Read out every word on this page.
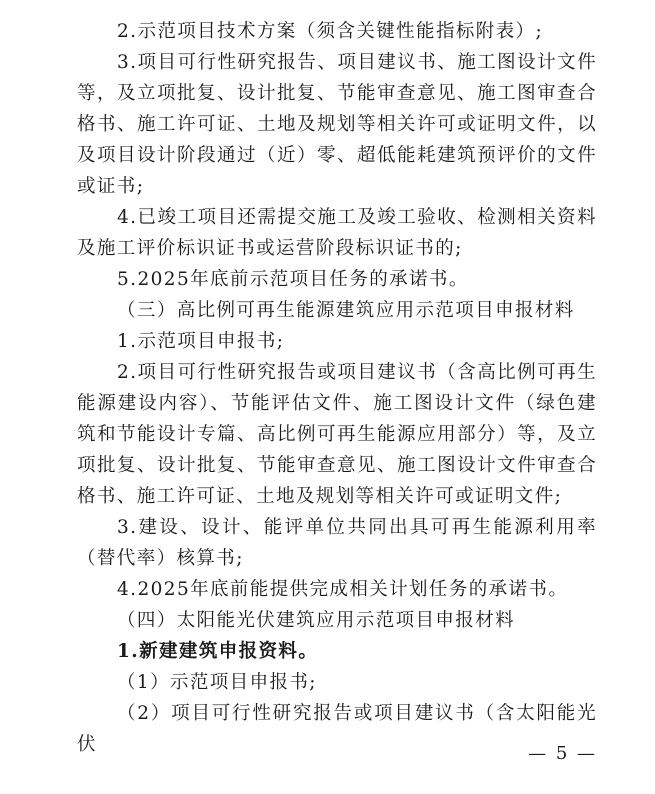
2.示范项目技术方案（须含关键性能指标附表）;

3.项目可行性研究报告、项目建议书、施工图设计文件等，及立项批复、设计批复、节能审查意见、施工图审查合格书、施工许可证、土地及规划等相关许可或证明文件，以及项目设计阶段通过（近）零、超低能耗建筑预评价的文件或证书;

4.已竣工项目还需提交施工及竣工验收、检测相关资料及施工评价标识证书或运营阶段标识证书的;

5.2025年底前示范项目任务的承诺书。

（三）高比例可再生能源建筑应用示范项目申报材料

1.示范项目申报书;

2.项目可行性研究报告或项目建议书（含高比例可再生能源建设内容）、节能评估文件、施工图设计文件（绿色建筑和节能设计专篇、高比例可再生能源应用部分）等，及立项批复、设计批复、节能审查意见、施工图设计文件审查合格书、施工许可证、土地及规划等相关许可或证明文件;

3.建设、设计、能评单位共同出具可再生能源利用率（替代率）核算书;

4.2025年底前能提供完成相关计划任务的承诺书。

（四）太阳能光伏建筑应用示范项目申报材料

1.新建建筑申报资料。

（1）示范项目申报书;

（2）项目可行性研究报告或项目建议书（含太阳能光伏	— 5 —
